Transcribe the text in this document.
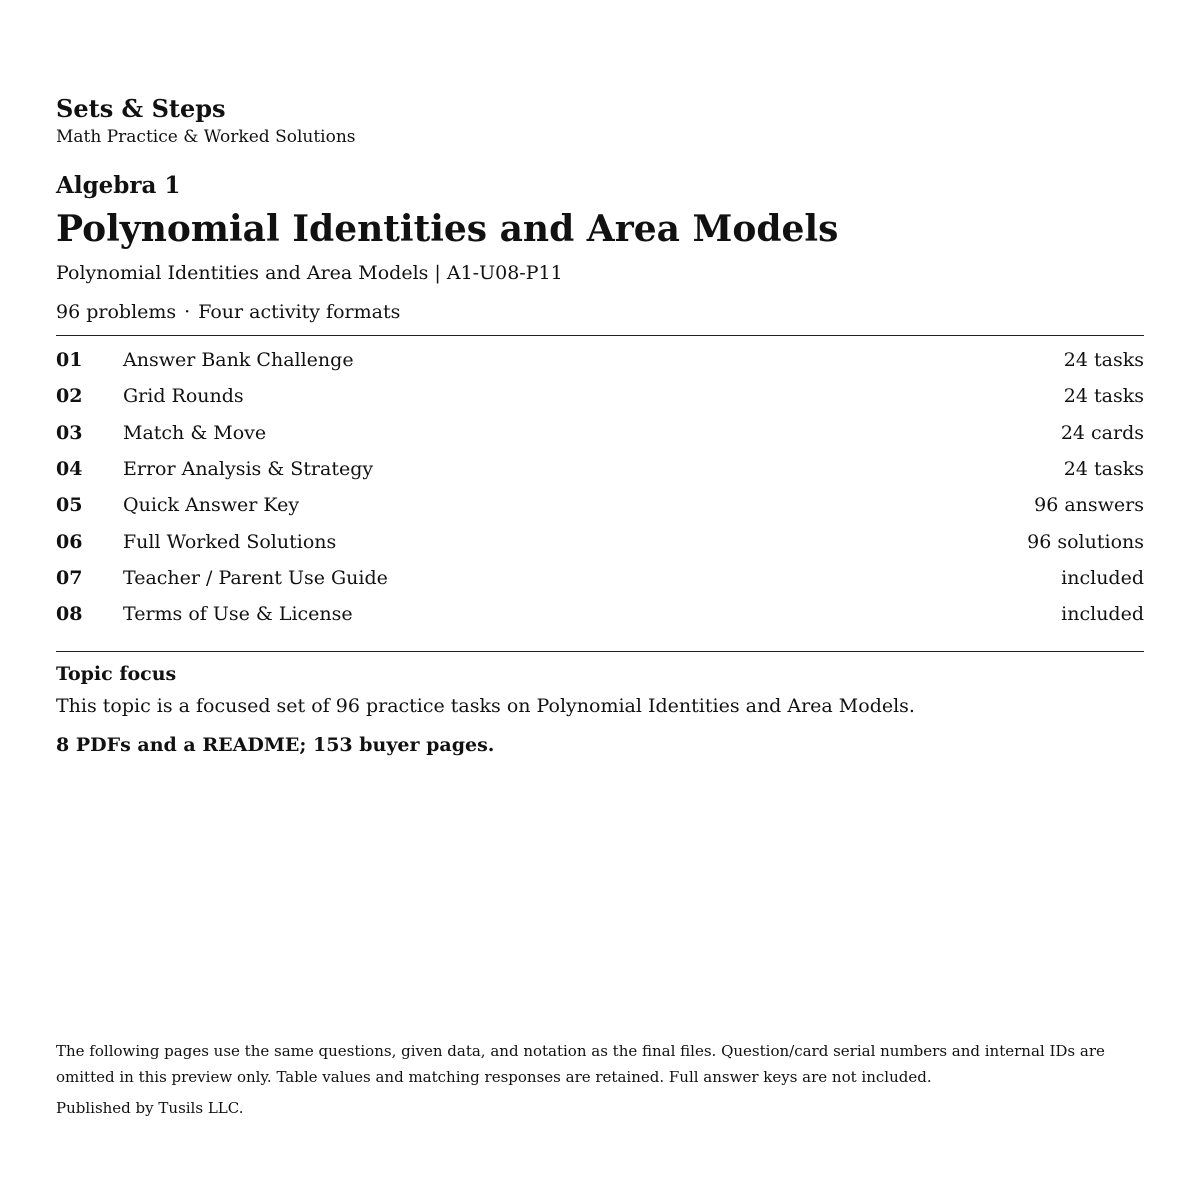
Sets & Steps
Math Practice & Worked Solutions
Algebra 1
Polynomial Identities and Area Models
Polynomial Identities and Area Models | A1-U08-P11
96 problems · Four activity formats
01	Answer Bank Challenge	24 tasks
02	Grid Rounds	24 tasks
03	Match & Move	24 cards
04	Error Analysis & Strategy	24 tasks
05	Quick Answer Key	96 answers
06	Full Worked Solutions	96 solutions
07	Teacher / Parent Use Guide	included
08	Terms of Use & License	included
Topic focus
This topic is a focused set of 96 practice tasks on Polynomial Identities and Area Models.
8 PDFs and a README; 153 buyer pages.
The following pages use the same questions, given data, and notation as the final files. Question/card serial numbers and internal IDs are omitted in this preview only. Table values and matching responses are retained. Full answer keys are not included.
Published by Tusils LLC.
